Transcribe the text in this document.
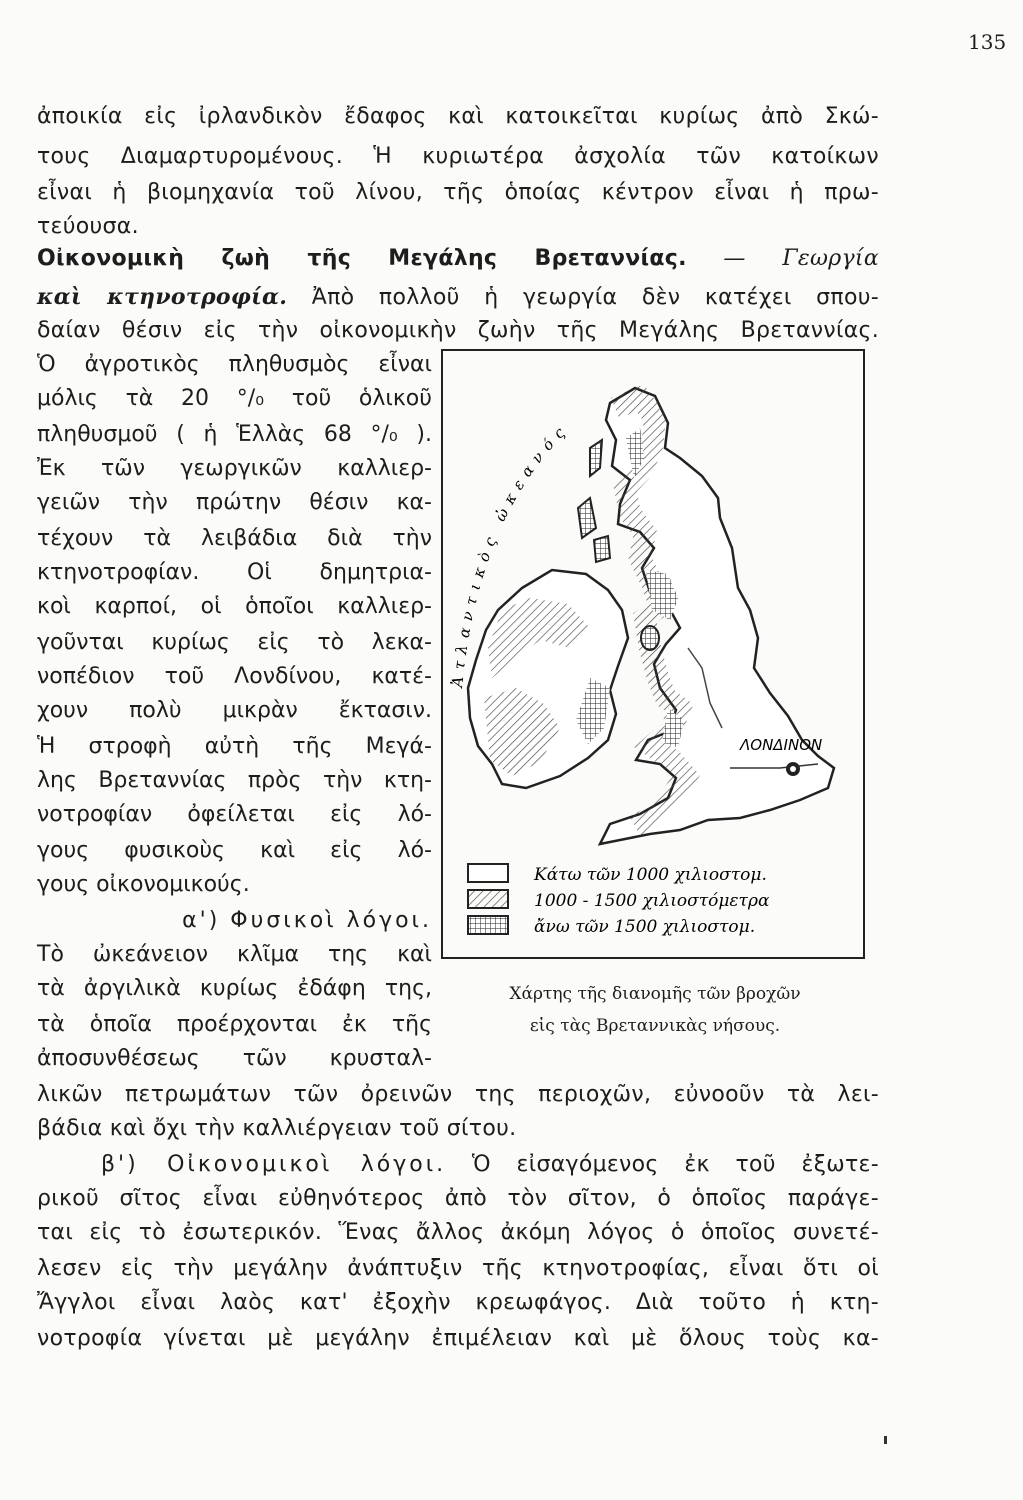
135
ἀποικία εἰς ἰρλανδικὸν ἔδαφος καὶ κατοικεῖται κυρίως ἀπὸ Σκώ-
τους Διαμαρτυρομένους. Ἡ κυριωτέρα ἀσχολία τῶν κατοίκων
εἶναι ἡ βιομηχανία τοῦ λίνου, τῆς ὁποίας κέντρον εἶναι ἡ πρω-
τεύουσα.
Οἰκονομικὴ ζωὴ τῆς Μεγάλης Βρεταννίας. — Γεωργία
καὶ κτηνοτροφία. Ἀπὸ πολλοῦ ἡ γεωργία δὲν κατέχει σπου-
δαίαν θέσιν εἰς τὴν οἰκονομικὴν ζωὴν τῆς Μεγάλης Βρεταννίας.
Ὁ ἀγροτικὸς πληθυσμὸς εἶναι
μόλις τὰ 20 °/₀ τοῦ ὁλικοῦ
πληθυσμοῦ ( ἡ Ἑλλὰς 68 °/₀ ).
Ἐκ τῶν γεωργικῶν καλλιερ-
γειῶν τὴν πρώτην θέσιν κα-
τέχουν τὰ λειβάδια διὰ τὴν
κτηνοτροφίαν. Οἱ δημητρια-
κοὶ καρποί, οἱ ὁποῖοι καλλιερ-
γοῦνται κυρίως εἰς τὸ λεκα-
νοπέδιον τοῦ Λονδίνου, κατέ-
χουν πολὺ μικρὰν ἔκτασιν.
Ἡ στροφὴ αὐτὴ τῆς Μεγά-
λης Βρεταννίας πρὸς τὴν κτη-
νοτροφίαν ὀφείλεται εἰς λό-
γους φυσικοὺς καὶ εἰς λό-
γους οἰκονομικούς.
α') Φυσικοὶ λόγοι.
Τὸ ὠκεάνειον κλῖμα της καὶ
τὰ ἀργιλικὰ κυρίως ἐδάφη της,
τὰ ὁποῖα προέρχονται ἐκ τῆς
ἀποσυνθέσεως τῶν κρυσταλ-
λικῶν πετρωμάτων τῶν ὀρεινῶν της περιοχῶν, εὐνοοῦν τὰ λει-
βάδια καὶ ὄχι τὴν καλλιέργειαν τοῦ σίτου.
β') Οἰκονομικοὶ λόγοι. Ὁ εἰσαγόμενος ἐκ τοῦ ἐξωτε-
ρικοῦ σῖτος εἶναι εὐθηνότερος ἀπὸ τὸν σῖτον, ὁ ὁποῖος παράγε-
ται εἰς τὸ ἐσωτερικόν. Ἕνας ἄλλος ἀκόμη λόγος ὁ ὁποῖος συνετέ-
λεσεν εἰς τὴν μεγάλην ἀνάπτυξιν τῆς κτηνοτροφίας, εἶναι ὅτι οἱ
Ἄγγλοι εἶναι λαὸς κατ' ἐξοχὴν κρεωφάγος. Διὰ τοῦτο ἡ κτη-
νοτροφία γίνεται μὲ μεγάλην ἐπιμέλειαν καὶ μὲ ὅλους τοὺς κα-
ΛΟΝΔΙΝΟΝ
Ἀτλαντικὸς ὠκεανός
Κάτω τῶν 1000 χιλιοστομ.
1000 - 1500 χιλιοστόμετρα
ἄνω τῶν 1500 χιλιοστομ.
Χάρτης τῆς διανομῆς τῶν βροχῶν
εἰς τὰς Βρεταννικὰς νήσους.
